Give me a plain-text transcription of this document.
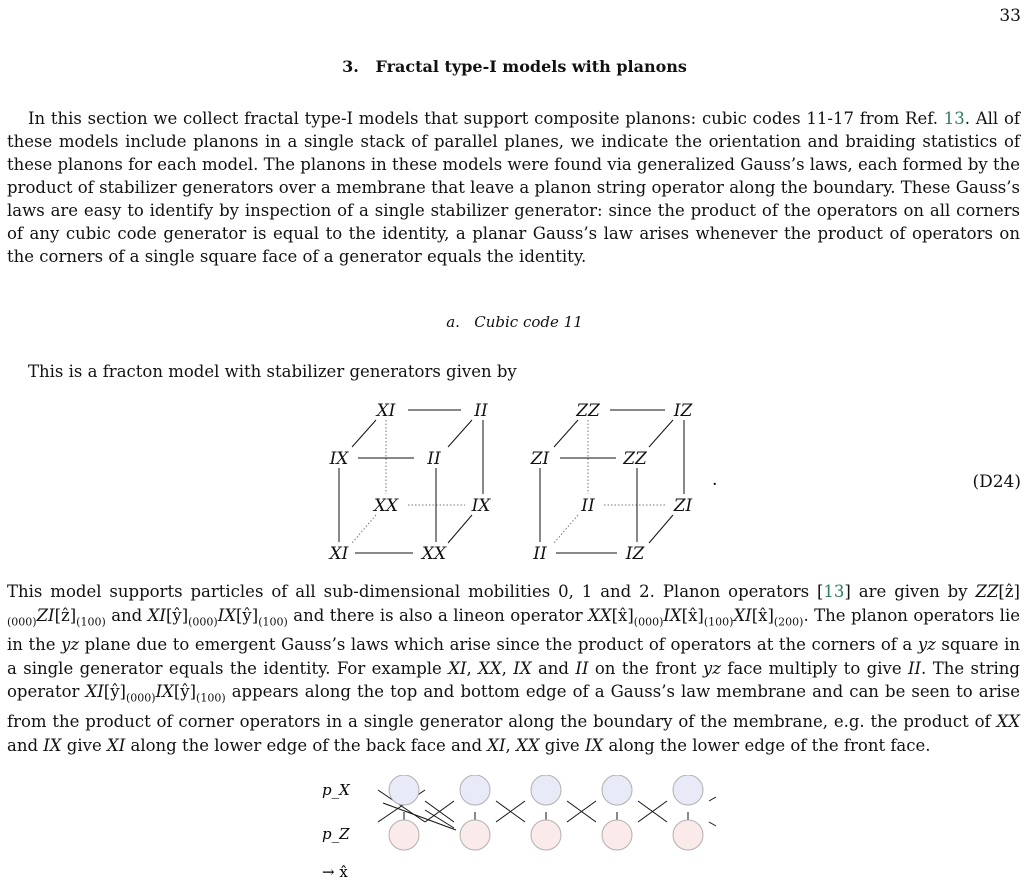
33
3. Fractal type-I models with planons

In this section we collect fractal type-I models that support composite planons: cubic codes 11-17 from Ref. 13. All of these models include planons in a single stack of parallel planes, we indicate the orientation and braiding statistics of these planons for each model. The planons in these models were found via generalized Gauss’s laws, each formed by the product of stabilizer generators over a membrane that leave a planon string operator along the boundary. These Gauss’s laws are easy to identify by inspection of a single stabilizer generator: since the product of the operators on all corners of any cubic code generator is equal to the identity, a planar Gauss’s law arises whenever the product of operators on the corners of a single square face of a generator equals the identity.

a. Cubic code 11

This is a fracton model with stabilizer generators given by

XI	II
IX	II
XX	IX
XI	XX
ZZ	IZ
ZI	ZZ
II	ZI
II	IZ
.	(D24)

This model supports particles of all sub-dimensional mobilities 0, 1 and 2. Planon operators [13] are given by $ZZ[ẑ]_{(000)}ZI[ẑ]_{(100)}$ and $XI[ŷ]_{(000)}IX[ŷ]_{(100)}$ and there is also a lineon operator $XX[x̂]_{(000)}IX[x̂]_{(100)}XI[x̂]_{(200)}$. The planon operators lie in the yz plane due to emergent Gauss’s laws which arise since the product of operators at the corners of a yz square in a single generator equals the identity. For example XI, XX, IX and II on the front yz face multiply to give II. The string operator $XI[ŷ]_{(000)}IX[ŷ]_{(100)}$ appears along the top and bottom edge of a Gauss’s law membrane and can be seen to arise from the product of corner operators in a single generator along the boundary of the membrane, e.g. the product of XX and IX give XI along the lower edge of the back face and XI, XX give IX along the lower edge of the front face.

p_X
p_Z
→ x̂
